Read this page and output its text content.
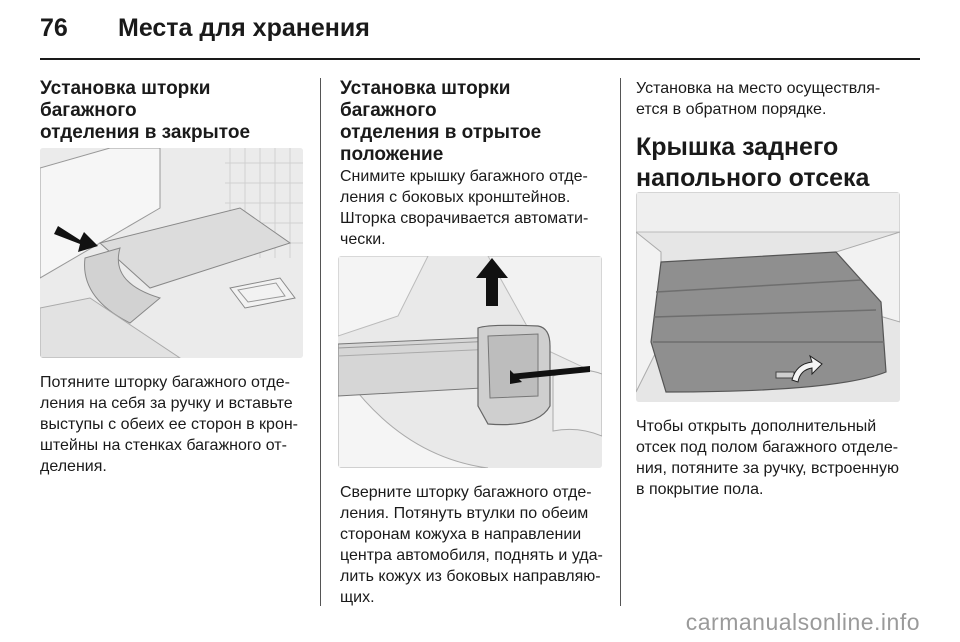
76	Места для хранения
Установка шторки багажного
отделения в закрытое
Потяните шторку багажного отде-
ления на себя за ручку и вставьте
выступы с обеих ее сторон в крон-
штейны на стенках багажного от-
деления.
Установка шторки багажного
отделения в отрытое
положение
Снимите крышку багажного отде-
ления с боковых кронштейнов.
Шторка сворачивается автомати-
чески.
Сверните шторку багажного отде-
ления. Потянуть втулки по обеим
сторонам кожуха в направлении
центра автомобиля, поднять и уда-
лить кожух из боковых направляю-
щих.
Установка на место осуществля-
ется в обратном порядке.
Крышка заднего
напольного отсека
Чтобы открыть дополнительный
отсек под полом багажного отделе-
ния, потяните за ручку, встроенную
в покрытие пола.
carmanualsonline.info
